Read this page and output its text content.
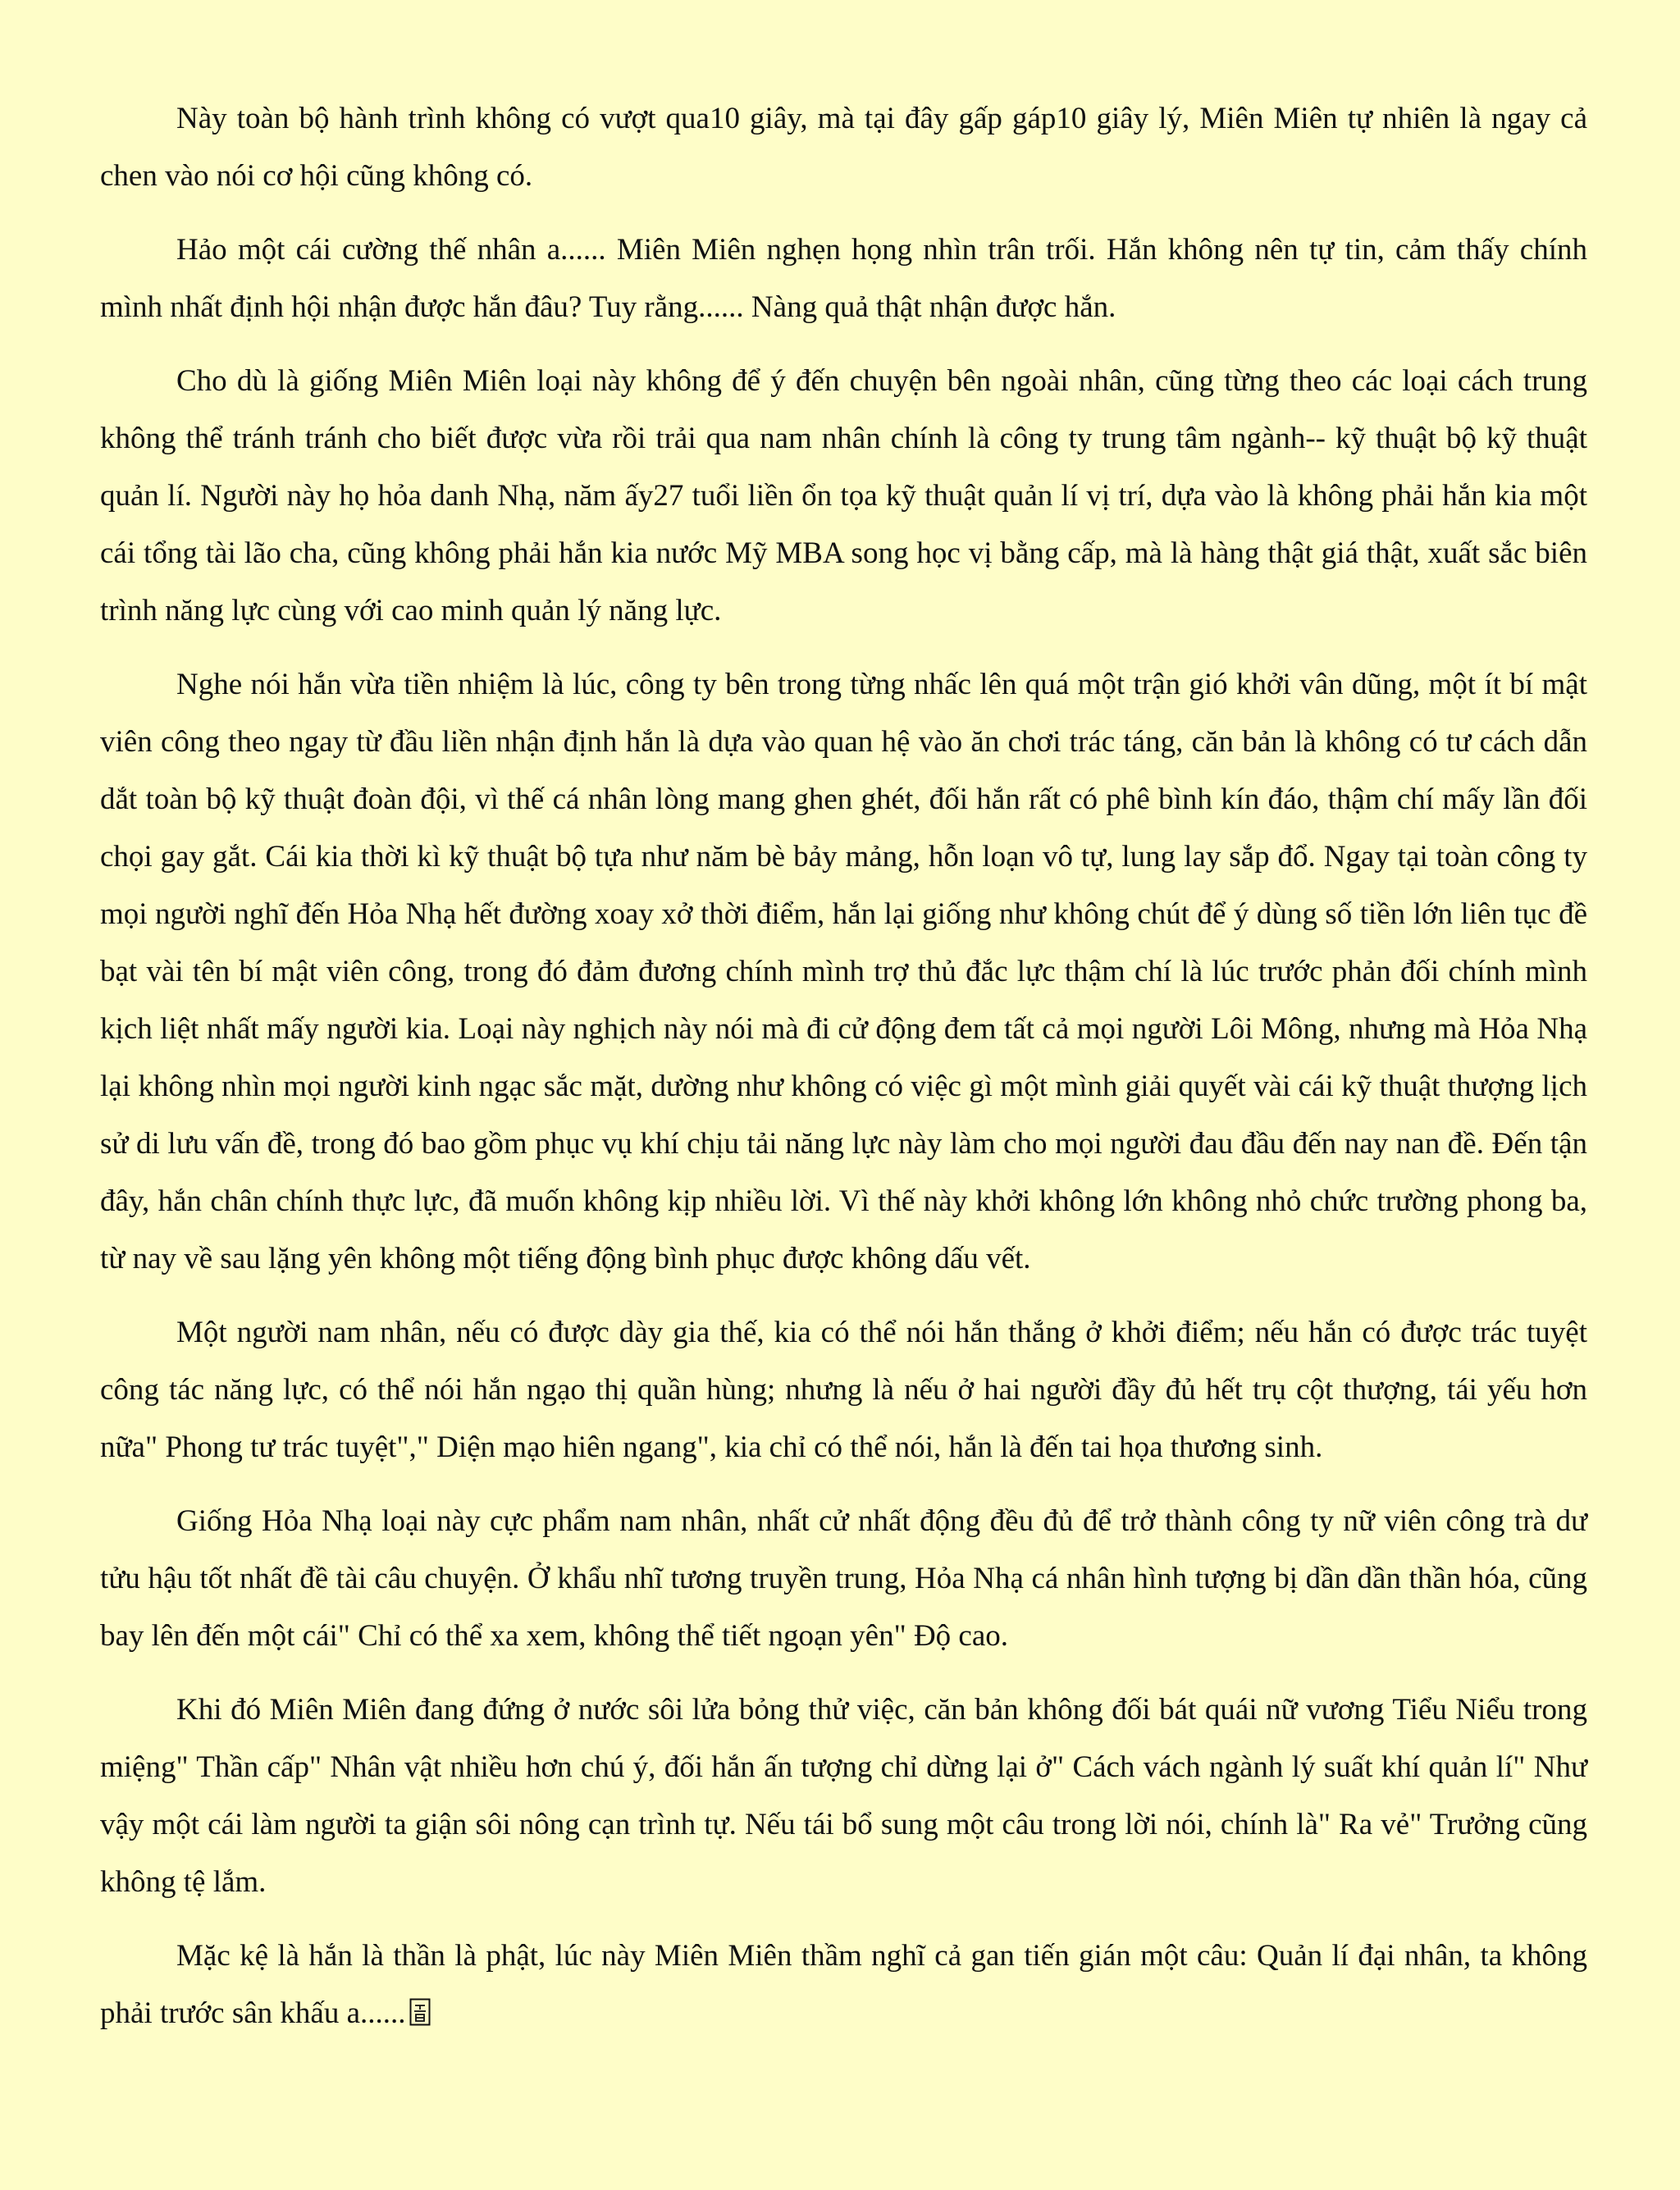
Này toàn bộ hành trình không có vượt qua10 giây, mà tại đây gấp gáp10 giây lý, Miên Miên tự nhiên là ngay cả chen vào nói cơ hội cũng không có.

Hảo một cái cường thế nhân a...... Miên Miên nghẹn họng nhìn trân trối. Hắn không nên tự tin, cảm thấy chính mình nhất định hội nhận được hắn đâu? Tuy rằng...... Nàng quả thật nhận được hắn.

Cho dù là giống Miên Miên loại này không để ý đến chuyện bên ngoài nhân, cũng từng theo các loại cách trung không thể tránh tránh cho biết được vừa rồi trải qua nam nhân chính là công ty trung tâm ngành-- kỹ thuật bộ kỹ thuật quản lí. Người này họ hỏa danh Nhạ, năm ấy27 tuổi liền ổn tọa kỹ thuật quản lí vị trí, dựa vào là không phải hắn kia một cái tổng tài lão cha, cũng không phải hắn kia nước Mỹ MBA song học vị bằng cấp, mà là hàng thật giá thật, xuất sắc biên trình năng lực cùng với cao minh quản lý năng lực.

Nghe nói hắn vừa tiền nhiệm là lúc, công ty bên trong từng nhấc lên quá một trận gió khởi vân dũng, một ít bí mật viên công theo ngay từ đầu liền nhận định hắn là dựa vào quan hệ vào ăn chơi trác táng, căn bản là không có tư cách dẫn dắt toàn bộ kỹ thuật đoàn đội, vì thế cá nhân lòng mang ghen ghét, đối hắn rất có phê bình kín đáo, thậm chí mấy lần đối chọi gay gắt. Cái kia thời kì kỹ thuật bộ tựa như năm bè bảy mảng, hỗn loạn vô tự, lung lay sắp đổ. Ngay tại toàn công ty mọi người nghĩ đến Hỏa Nhạ hết đường xoay xở thời điểm, hắn lại giống như không chút để ý dùng số tiền lớn liên tục đề bạt vài tên bí mật viên công, trong đó đảm đương chính mình trợ thủ đắc lực thậm chí là lúc trước phản đối chính mình kịch liệt nhất mấy người kia. Loại này nghịch này nói mà đi cử động đem tất cả mọi người Lôi Mông, nhưng mà Hỏa Nhạ lại không nhìn mọi người kinh ngạc sắc mặt, dường như không có việc gì một mình giải quyết vài cái kỹ thuật thượng lịch sử di lưu vấn đề, trong đó bao gồm phục vụ khí chịu tải năng lực này làm cho mọi người đau đầu đến nay nan đề. Đến tận đây, hắn chân chính thực lực, đã muốn không kịp nhiều lời. Vì thế này khởi không lớn không nhỏ chức trường phong ba, từ nay về sau lặng yên không một tiếng động bình phục được không dấu vết.

Một người nam nhân, nếu có được dày gia thế, kia có thể nói hắn thắng ở khởi điểm; nếu hắn có được trác tuyệt công tác năng lực, có thể nói hắn ngạo thị quần hùng; nhưng là nếu ở hai người đầy đủ hết trụ cột thượng, tái yếu hơn nữa" Phong tư trác tuyệt"," Diện mạo hiên ngang", kia chỉ có thể nói, hắn là đến tai họa thương sinh.

Giống Hỏa Nhạ loại này cực phẩm nam nhân, nhất cử nhất động đều đủ để trở thành công ty nữ viên công trà dư tửu hậu tốt nhất đề tài câu chuyện. Ở khẩu nhĩ tương truyền trung, Hỏa Nhạ cá nhân hình tượng bị dần dần thần hóa, cũng bay lên đến một cái" Chỉ có thể xa xem, không thể tiết ngoạn yên" Độ cao.

Khi đó Miên Miên đang đứng ở nước sôi lửa bỏng thử việc, căn bản không đối bát quái nữ vương Tiểu Niểu trong miệng" Thần cấp" Nhân vật nhiều hơn chú ý, đối hắn ấn tượng chỉ dừng lại ở" Cách vách ngành lý suất khí quản lí" Như vậy một cái làm người ta giận sôi nông cạn trình tự. Nếu tái bổ sung một câu trong lời nói, chính là" Ra vẻ" Trưởng cũng không tệ lắm.

Mặc kệ là hắn là thần là phật, lúc này Miên Miên thầm nghĩ cả gan tiến gián một câu: Quản lí đại nhân, ta không phải trước sân khấu a......
